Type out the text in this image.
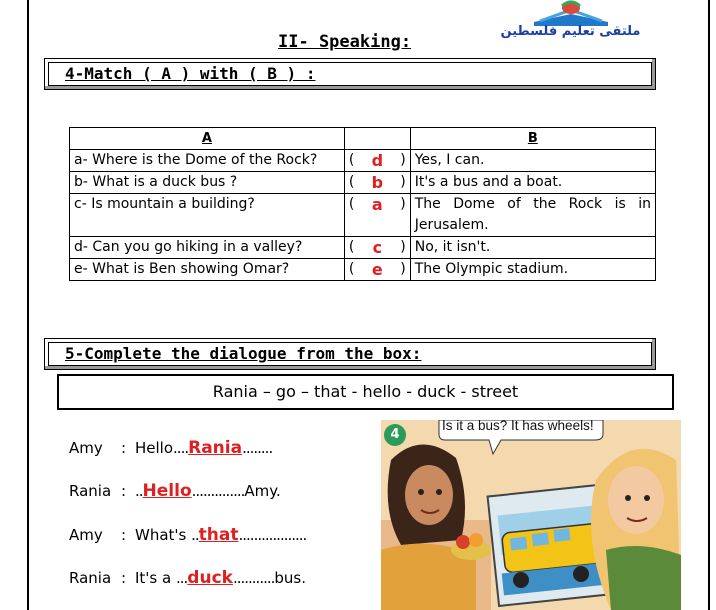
ملتقى تعليم فلسطين
II- Speaking:
4-Match ( A ) with ( B ) :
A		B
a- Where is the Dome of the Rock?	( d )	Yes, I can.
b- What is a duck bus ?	( b )	It's a bus and a boat.
c- Is mountain a building?	( a )	The Dome of the Rock is in Jerusalem.
d- Can you go hiking in a valley?	( c )	No, it isn't.
e- What is Ben showing Omar?	( e )	The Olympic stadium.
5-Complete the dialogue from the box:
Rania – go – that - hello - duck - street
Amy : Hello....Rania........
Rania : ..Hello..............Amy.
Amy : What's ..that..................
Rania : It's a ...duck...........bus.
4
Is it a bus? It has wheels!
